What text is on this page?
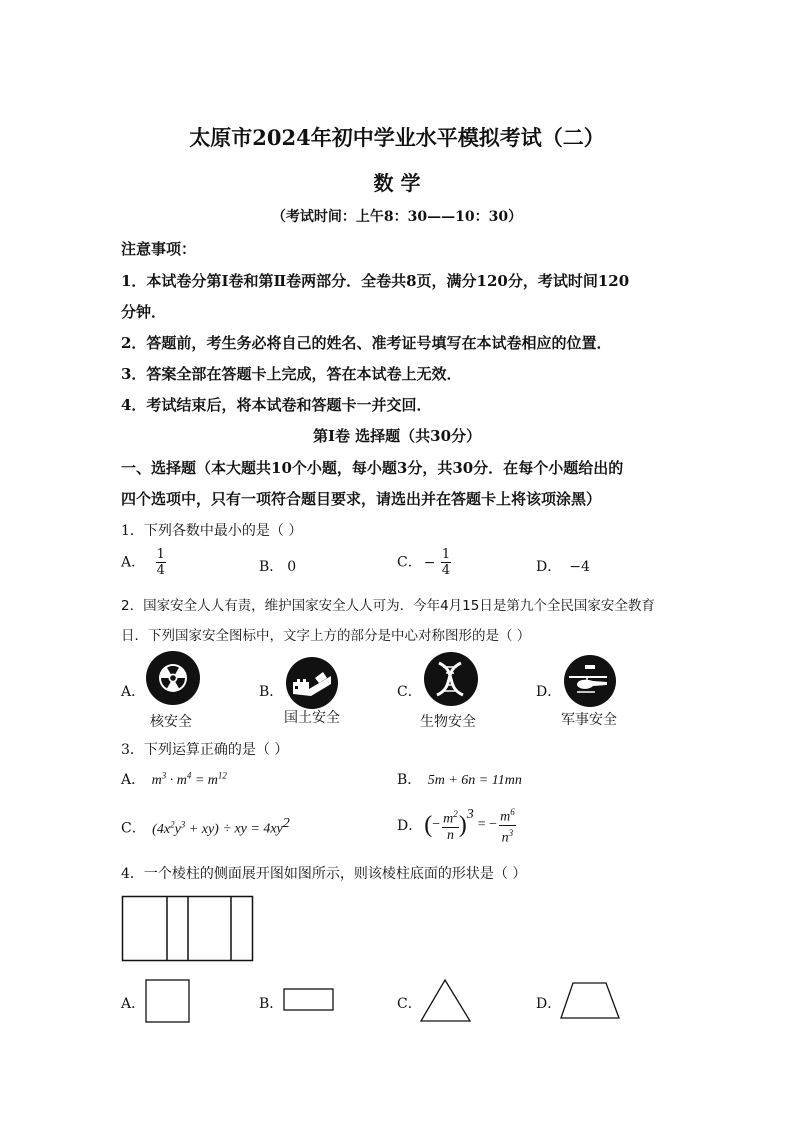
太原市2024年初中学业水平模拟考试（二）
数 学
（考试时间：上午8：30——10：30）
注意事项：
1．本试卷分第Ⅰ卷和第Ⅱ卷两部分．全卷共8页，满分120分，考试时间120
分钟．
2．答题前，考生务必将自己的姓名、准考证号填写在本试卷相应的位置．
3．答案全部在答题卡上完成，答在本试卷上无效．
4．考试结束后，将本试卷和答题卡一并交回．
第Ⅰ卷 选择题（共30分）
一、选择题（本大题共10个小题，每小题3分，共30分．在每个小题给出的
四个选项中，只有一项符合题目要求，请选出并在答题卡上将该项涂黑）
1．下列各数中最小的是（ ）
A． $\frac{1}{4}$	B． 0	C． − $\frac{1}{4}$	D． −4
2．国家安全人人有责，维护国家安全人人可为．今年4月15日是第九个全民国家安全教育
日．下列国家安全图标中，文字上方的部分是中心对称图形的是（ ）
A．
核安全
B．
国土安全
C．
生物安全
D．
军事安全
3．下列运算正确的是（ ）
A． $m^3 \cdot m^4 = m^{12}$	B． 5m + 6n = 11mn
C． $(4x^2y^3 + xy)$ ÷ xy = $4xy^2$	D． ( − $\frac{m^2}{n}$ ) 3
= − $\frac{m^6}{n^3}$
4．一个棱柱的侧面展开图如图所示，则该棱柱底面的形状是（ ）
A．	B．	C．	D．
